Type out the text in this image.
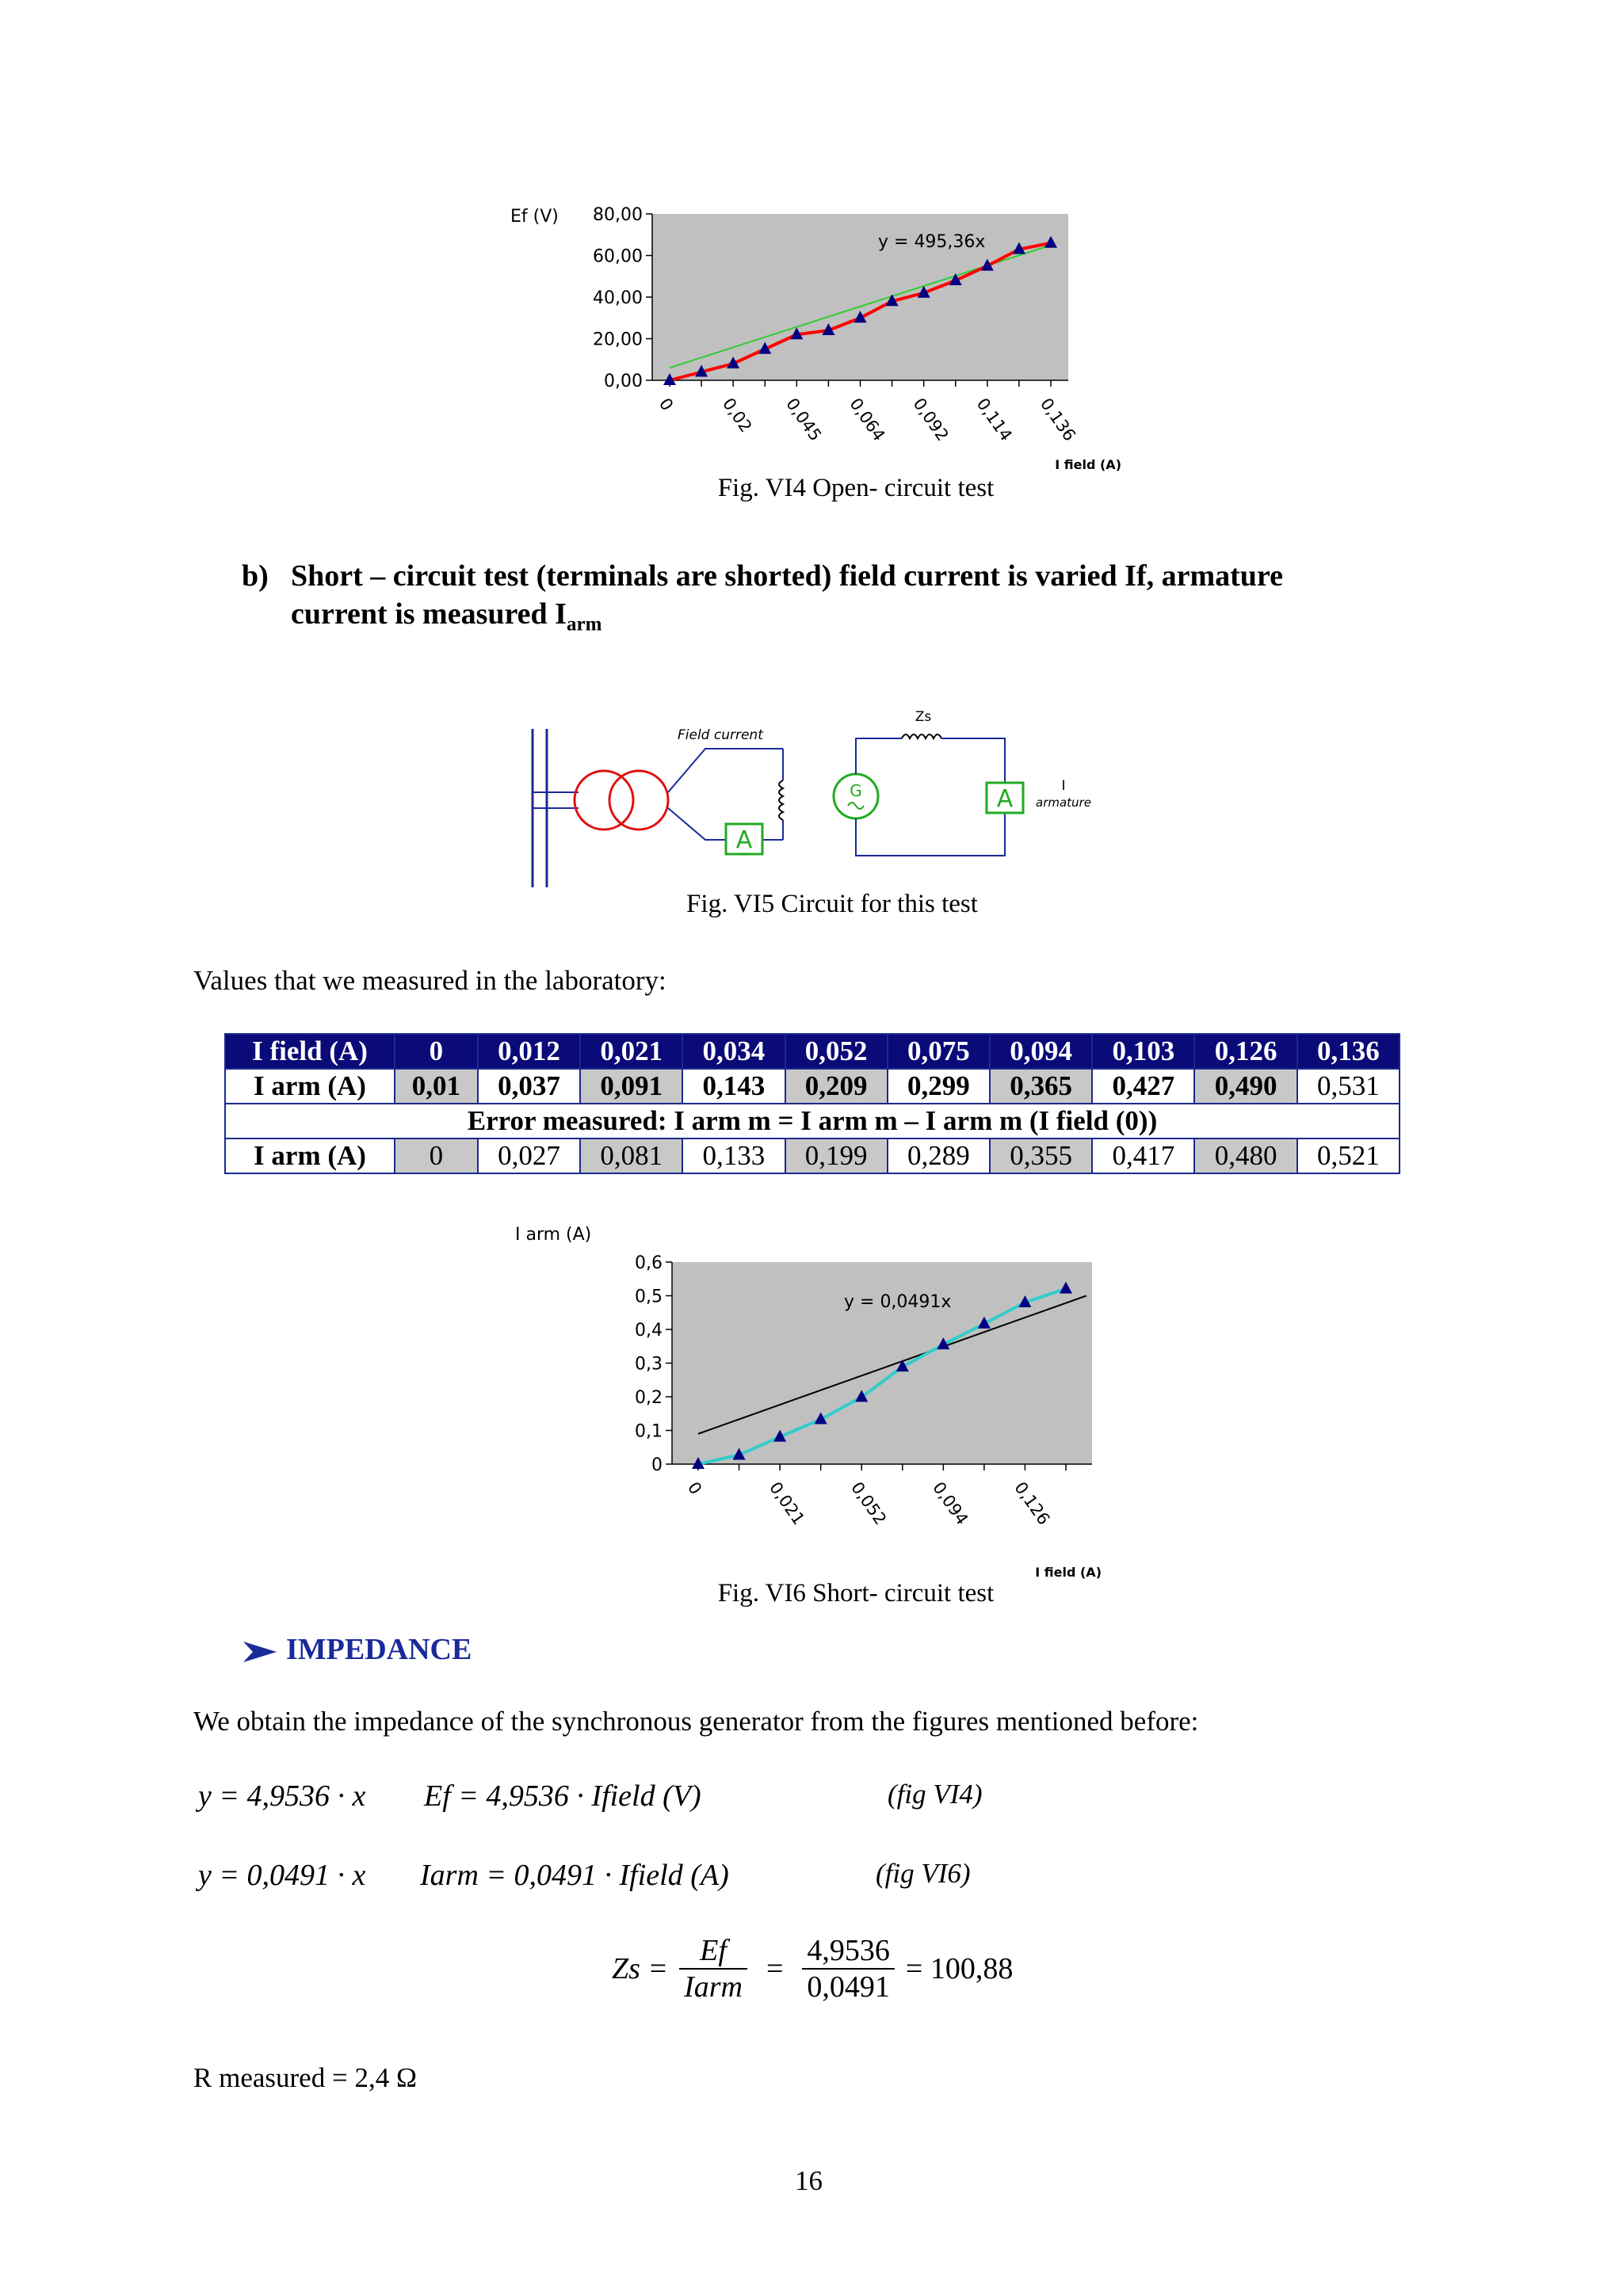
80,00
60,00
40,00
20,00
0,00
0	0,02 0,045 0,064 0,092 0,114 0,136
Ef (V)
I field (A)
y = 495,36x
Fig. VI4 Open- circuit test
b) Short – circuit test (terminals are shorted) field current is varied If, armature
current is measured $I_{arm}$
Field current
A
G
Zs
A	I
armature
Fig. VI5 Circuit for this test
Values that we measured in the laboratory:
I field (A)	0	0,012	0,021	0,034	0,052	0,075	0,094	0,103	0,126	0,136
I arm (A)	0,01	0,037	0,091	0,143	0,209	0,299	0,365	0,427	0,490	0,531
Error measured: I arm m = I arm m – I arm m (I field (0))										
I arm (A)	0	0,027	0,081	0,133	0,199	0,289	0,355	0,417	0,480	0,521
0,6
0,5
0,4
0,3
0,2
0,1
0
0	0,021 0,052 0,094 0,126
I arm (A)
I field (A)
y = 0,0491x
Fig. VI6 Short- circuit test
IMPEDANCE
We obtain the impedance of the synchronous generator from the figures mentioned before:
y = 4,9536 · x Ef = 4,9536 · Ifield (V)	(fig VI4)
y = 0,0491 · x Iarm = 0,0491 · Ifield (A)	(fig VI6)
$Zs = \frac{Ef}{\text{Iarm}} = \frac{4,9536}{0,0491} = 100,88$
R measured = 2,4 Ω
16
